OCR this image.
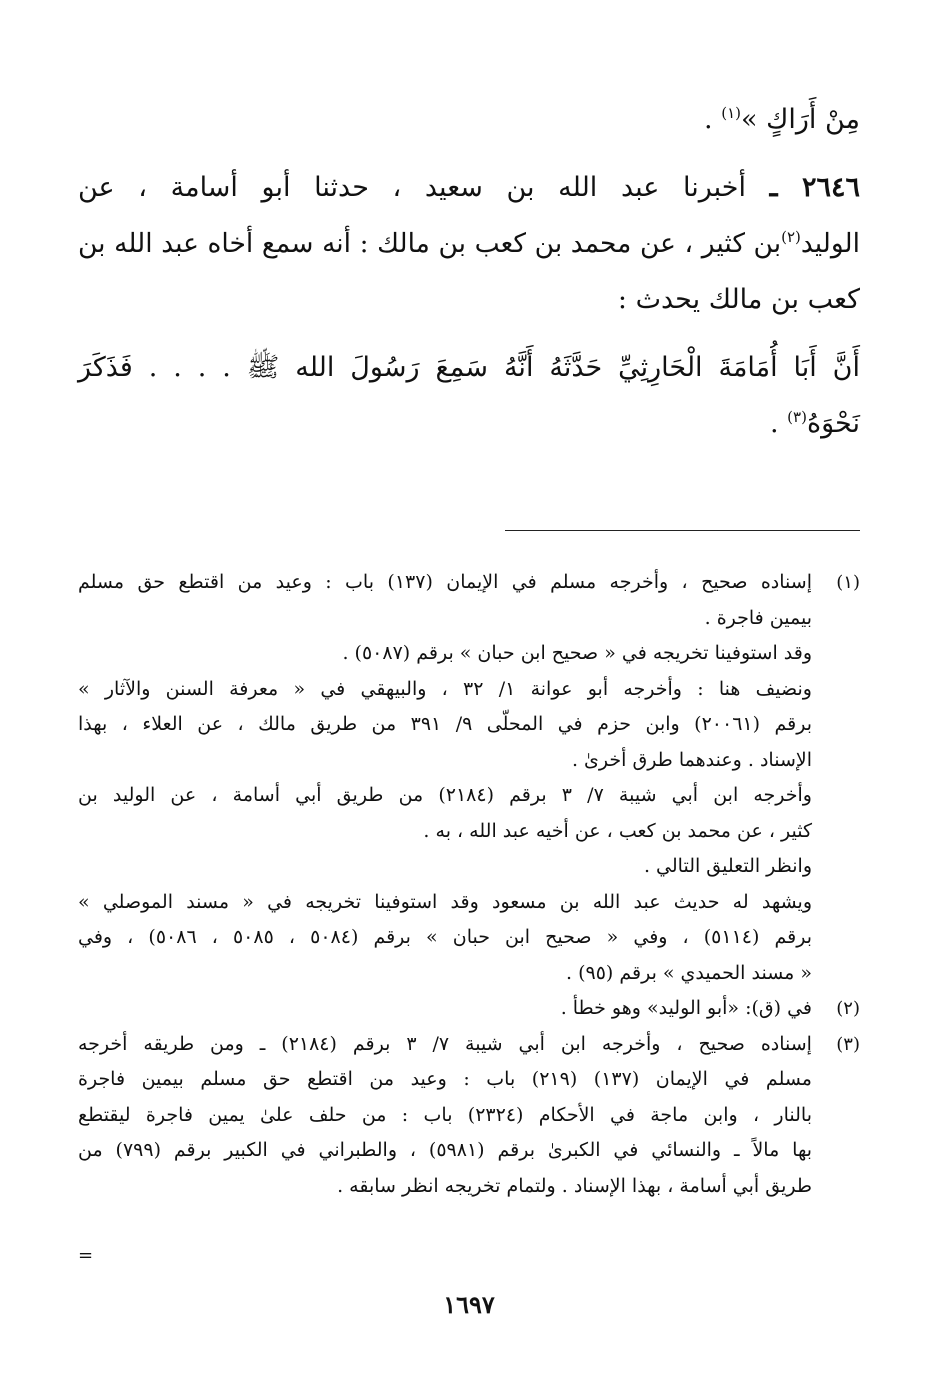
مِنْ أَرَاكٍ »$^{(١)}$ .
٢٦٤٦ ـ أخبرنا عبد الله بن سعيد ، حدثنا أبو أسامة ، عن
الوليد$^{(٢)}$بن كثير ، عن محمد بن كعب بن مالك : أنه سمع أخاه عبد الله بن
كعب بن مالك يحدث :
أَنَّ أَبَا أُمَامَةَ الْحَارِثِيِّ حَدَّثَهُ أَنَّهُ سَمِعَ رَسُولَ الله ﷺ . . . . فَذَكَرَ
نَحْوَهُ$^{(٣)}$ .
(١)
إسناده صحيح ، وأخرجه مسلم في الإيمان (١٣٧) باب : وعيد من اقتطع حق مسلم
بيمين فاجرة .
وقد استوفينا تخريجه في « صحيح ابن حبان » برقم (٥٠٨٧) .
ونضيف هنا : وأخرجه أبو عوانة ١/ ٣٢ ، والبيهقي في « معرفة السنن والآثار »
برقم (٢٠٠٦١) وابن حزم في المحلّى ٩/ ٣٩١ من طريق مالك ، عن العلاء ، بهذا
الإسناد . وعندهما طرق أخرىٰ .
وأخرجه ابن أبي شيبة ٧/ ٣ برقم (٢١٨٤) من طريق أبي أسامة ، عن الوليد بن
كثير ، عن محمد بن كعب ، عن أخيه عبد الله ، به .
وانظر التعليق التالي .
ويشهد له حديث عبد الله بن مسعود وقد استوفينا تخريجه في « مسند الموصلي »
برقم (٥١١٤) ، وفي « صحيح ابن حبان » برقم (٥٠٨٤ ، ٥٠٨٥ ، ٥٠٨٦) ، وفي
« مسند الحميدي » برقم (٩٥) .
(٢)
في (ق): «أبو الوليد» وهو خطأ .
(٣)
إسناده صحيح ، وأخرجه ابن أبي شيبة ٧/ ٣ برقم (٢١٨٤) ـ ومن طريقه أخرجه
مسلم في الإيمان (١٣٧) (٢١٩) باب : وعيد من اقتطع حق مسلم بيمين فاجرة
بالنار ، وابن ماجة في الأحكام (٢٣٢٤) باب : من حلف علىٰ يمين فاجرة ليقتطع
بها مالاً ـ والنسائي في الكبرىٰ برقم (٥٩٨١) ، والطبراني في الكبير برقم (٧٩٩) من
طريق أبي أسامة ، بهذا الإسناد . ولتمام تخريجه انظر سابقه .
=
١٦٩٧
